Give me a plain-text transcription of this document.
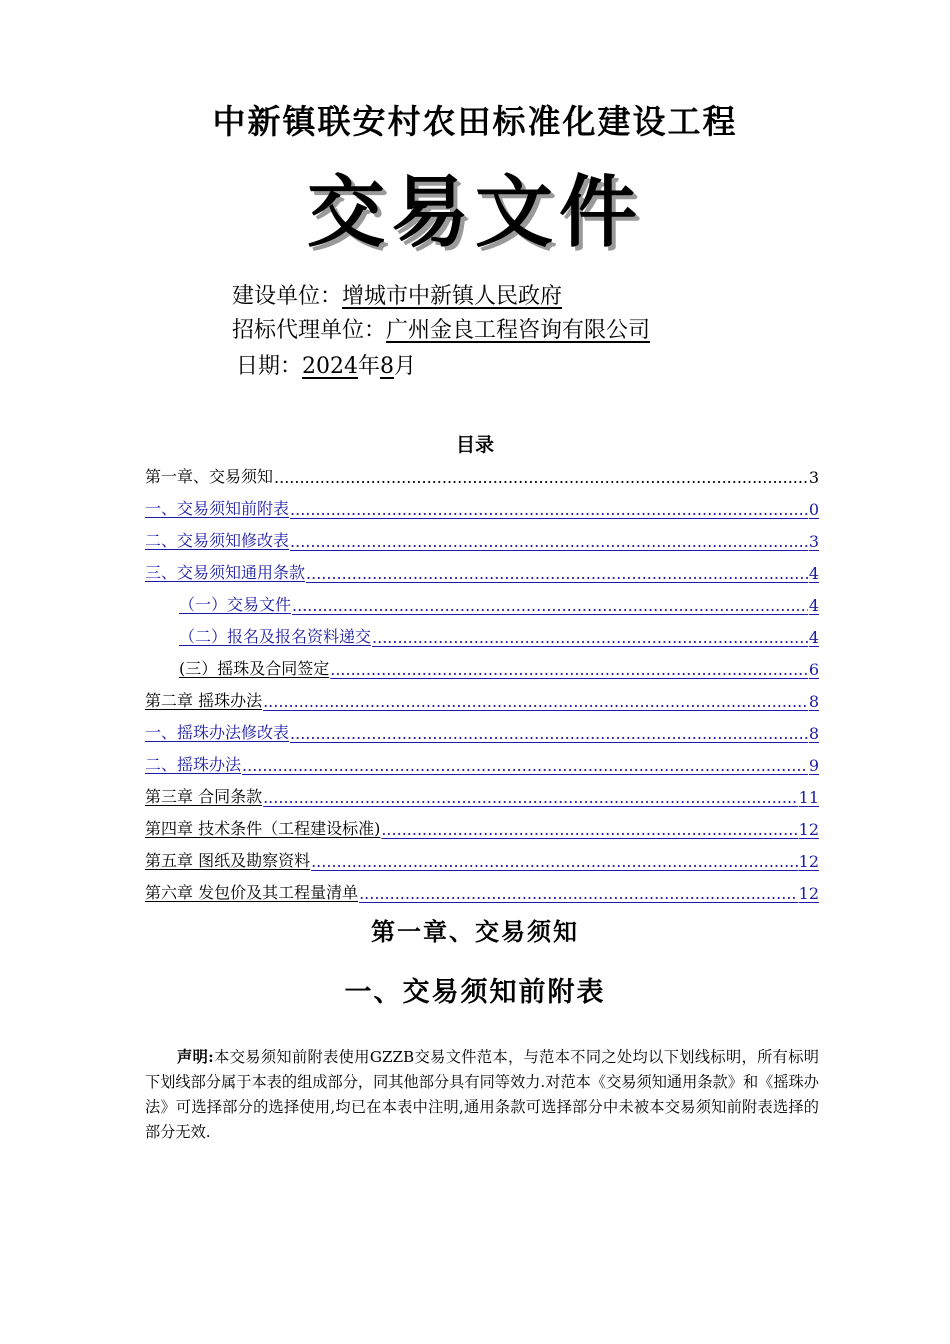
中新镇联安村农田标准化建设工程
交易文件
建设单位：增城市中新镇人民政府
招标代理单位：广州金良工程咨询有限公司
日期：2024年8月
目录
第一章、交易须知 .....	3
一、交易须知前附表 .....	0
二、交易须知修改表 .....	3
三、交易须知通用条款 .....	4
（一）交易文件 .....	4
（二）报名及报名资料递交 .....	4
(三）摇珠及合同签定 .....	6
第二章 摇珠办法 .....	8
一、摇珠办法修改表 .....	8
二、摇珠办法 .....	9
第三章 合同条款 .....	11
第四章 技术条件（工程建设标准) .....	12
第五章 图纸及勘察资料 .....	12
第六章 发包价及其工程量清单 .....	12
第一章、交易须知
一、交易须知前附表

声明:本交易须知前附表使用GZZB交易文件范本，与范本不同之处均以下划线标明，所有标明下划线部分属于本表的组成部分，同其他部分具有同等效力.对范本《交易须知通用条款》和《摇珠办法》可选择部分的选择使用,均已在本表中注明,通用条款可选择部分中未被本交易须知前附表选择的部分无效.
